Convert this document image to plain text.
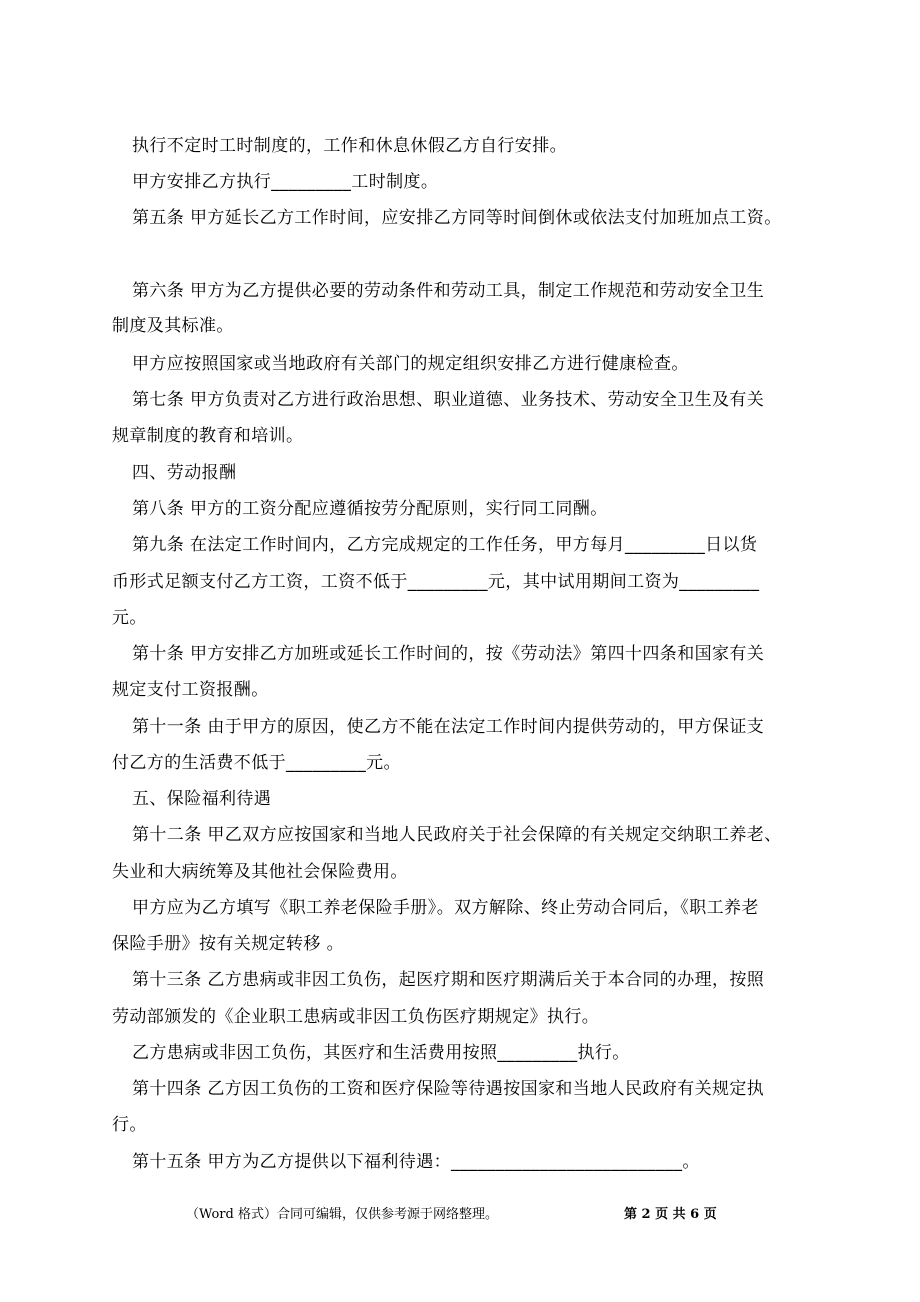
执行不定时工时制度的，工作和休息休假乙方自行安排。

甲方安排乙方执行_________工时制度。

第五条 甲方延长乙方工作时间，应安排乙方同等时间倒休或依法支付加班加点工资。

第六条 甲方为乙方提供必要的劳动条件和劳动工具，制定工作规范和劳动安全卫生

制度及其标准。

甲方应按照国家或当地政府有关部门的规定组织安排乙方进行健康检查。

第七条 甲方负责对乙方进行政治思想、职业道德、业务技术、劳动安全卫生及有关

规章制度的教育和培训。

四、劳动报酬

第八条 甲方的工资分配应遵循按劳分配原则，实行同工同酬。

第九条 在法定工作时间内，乙方完成规定的工作任务，甲方每月_________日以货

币形式足额支付乙方工资，工资不低于_________元，其中试用期间工资为_________

元。

第十条 甲方安排乙方加班或延长工作时间的，按《劳动法》第四十四条和国家有关

规定支付工资报酬。

第十一条 由于甲方的原因，使乙方不能在法定工作时间内提供劳动的，甲方保证支

付乙方的生活费不低于_________元。

五、保险福利待遇

第十二条 甲乙双方应按国家和当地人民政府关于社会保障的有关规定交纳职工养老、

失业和大病统筹及其他社会保险费用。

甲方应为乙方填写《职工养老保险手册》。双方解除、终止劳动合同后，《职工养老

保险手册》按有关规定转移 。

第十三条 乙方患病或非因工负伤，起医疗期和医疗期满后关于本合同的办理，按照

劳动部颁发的《企业职工患病或非因工负伤医疗期规定》执行。

乙方患病或非因工负伤，其医疗和生活费用按照_________执行。

第十四条 乙方因工负伤的工资和医疗保险等待遇按国家和当地人民政府有关规定执

行。

第十五条 甲方为乙方提供以下福利待遇：__________________________。

（Word 格式）合同可编辑，仅供参考源于网络整理。	第 2 页 共 6 页
